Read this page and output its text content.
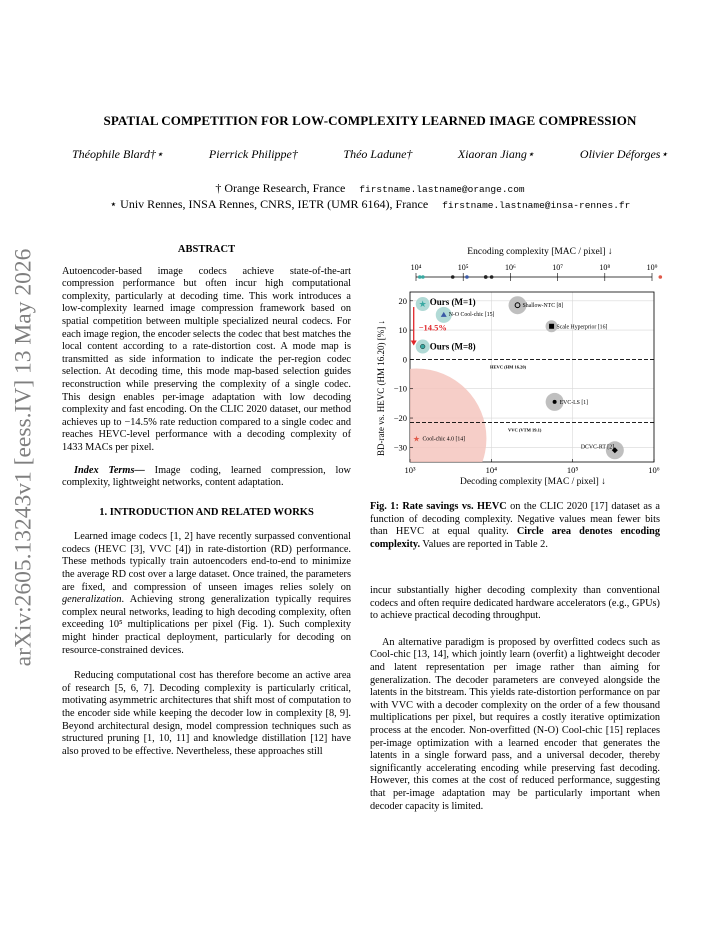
arXiv:2605.13243v1 [eess.IV] 13 May 2026
SPATIAL COMPETITION FOR LOW-COMPLEXITY LEARNED IMAGE COMPRESSION
Théophile Blard†⋆	Pierrick Philippe†	Théo Ladune†	Xiaoran Jiang⋆	Olivier Déforges⋆
† Orange Research, France firstname.lastname@orange.com
⋆ Univ Rennes, INSA Rennes, CNRS, IETR (UMR 6164), France firstname.lastname@insa-rennes.fr
ABSTRACT

Autoencoder-based image codecs achieve state-of-the-art compression performance but often incur high computational complexity, particularly at decoding time. This work introduces a low-complexity learned image compression framework based on spatial competition between multiple specialized neural codecs. For each image region, the encoder selects the codec that best matches the local content according to a rate-distortion cost. A mode map is transmitted as side information to indicate the per-region codec selection. At decoding time, this mode map-based selection guides reconstruction while preserving the complexity of a single codec. This design enables per-image adaptation with low decoding complexity and fast encoding. On the CLIC 2020 dataset, our method achieves up to −14.5% rate reduction compared to a single codec and reaches HEVC-level performance with a decoding complexity of 1433 MACs per pixel.

Index Terms— Image coding, learned compression, low complexity, lightweight networks, content adaptation.

1. INTRODUCTION AND RELATED WORKS

Learned image codecs [1, 2] have recently surpassed conventional codecs (HEVC [3], VVC [4]) in rate-distortion (RD) performance. These methods typically train autoencoders end-to-end to minimize the average RD cost over a large dataset. Once trained, the parameters are fixed, and compression of unseen images relies solely on generalization. Achieving strong generalization typically requires complex neural networks, leading to high decoding complexity, often exceeding 10⁵ multiplications per pixel (Fig. 1). Such complexity might hinder practical deployment, particularly for decoding on resource-constrained devices.

Reducing computational cost has therefore become an active area of research [5, 6, 7]. Decoding complexity is particularly critical, motivating asymmetric architectures that shift most of computation to the encoder side while keeping the decoder low in complexity [8, 9]. Beyond architectural design, model compression techniques such as structured pruning [1, 10, 11] and knowledge distillation [12] have also proved to be effective. Nevertheless, these approaches still

Encoding complexity [MAC / pixel] ↓
BD-rate vs. HEVC (HM 16.20) [%] ↓
Decoding complexity [MAC / pixel] ↓
HEVC (HM 16.20)
VVC (VTM 19.1)
★
★
Ours (M=1)
Ours (M=8)
N-O Cool-chic [15]
Shallow-NTC [8]
Scale Hyperprior [16]
EVC-LS [1]
DCVC-RT [2]
Cool-chic 4.0 [14]
−14.5%
20
10
0
−10
−20
−30
10³	10⁴	10⁵	10⁶
10⁴	10⁵	10⁶	10⁷	10⁸	10⁹
Fig. 1: Rate savings vs. HEVC on the CLIC 2020 [17] dataset as a function of decoding complexity. Negative values mean fewer bits than HEVC at equal quality. Circle area denotes encoding complexity. Values are reported in Table 2.

incur substantially higher decoding complexity than conventional codecs and often require dedicated hardware accelerators (e.g., GPUs) to achieve practical decoding throughput.

An alternative paradigm is proposed by overfitted codecs such as Cool-chic [13, 14], which jointly learn (overfit) a lightweight decoder and latent representation per image rather than aiming for generalization. The decoder parameters are conveyed alongside the latents in the bitstream. This yields rate-distortion performance on par with VVC with a decoder complexity on the order of a few thousand multiplications per pixel, but requires a costly iterative optimization process at the encoder. Non-overfitted (N-O) Cool-chic [15] replaces per-image optimization with a learned encoder that generates the latents in a single forward pass, and a universal decoder, thereby significantly accelerating encoding while preserving fast decoding. However, this comes at the cost of reduced performance, suggesting that per-image adaptation may be particularly important when decoder capacity is limited.
